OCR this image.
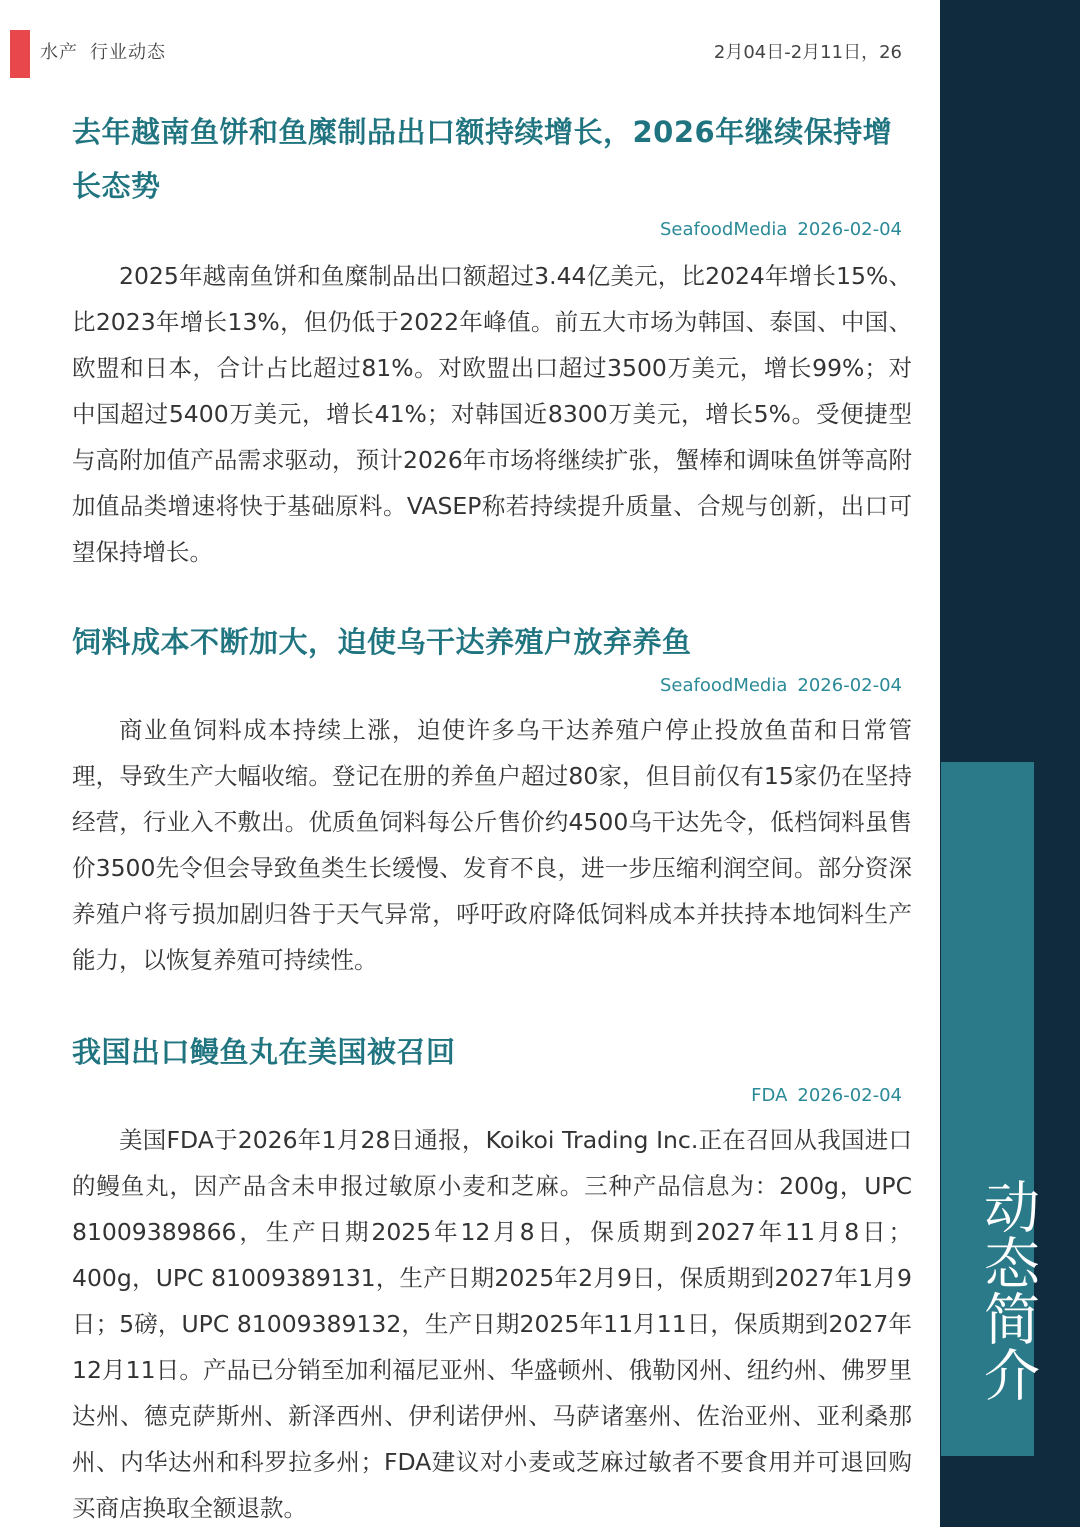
水产 行业动态	2月04日-2月11日，26
动态简介
去年越南鱼饼和鱼糜制品出口额持续增长，2026年继续保持增长态势
SeafoodMedia 2026-02-04

2025年越南鱼饼和鱼糜制品出口额超过3.44亿美元，比2024年增长15%、比2023年增长13%，但仍低于2022年峰值。前五大市场为韩国、泰国、中国、欧盟和日本，合计占比超过81%。对欧盟出口超过3500万美元，增长99%；对中国超过5400万美元，增长41%；对韩国近8300万美元，增长5%。受便捷型与高附加值产品需求驱动，预计2026年市场将继续扩张，蟹棒和调味鱼饼等高附加值品类增速将快于基础原料。VASEP称若持续提升质量、合规与创新，出口可望保持增长。

饲料成本不断加大，迫使乌干达养殖户放弃养鱼
SeafoodMedia 2026-02-04

商业鱼饲料成本持续上涨，迫使许多乌干达养殖户停止投放鱼苗和日常管理，导致生产大幅收缩。登记在册的养鱼户超过80家，但目前仅有15家仍在坚持经营，行业入不敷出。优质鱼饲料每公斤售价约4500乌干达先令，低档饲料虽售价3500先令但会导致鱼类生长缓慢、发育不良，进一步压缩利润空间。部分资深养殖户将亏损加剧归咎于天气异常，呼吁政府降低饲料成本并扶持本地饲料生产能力，以恢复养殖可持续性。

我国出口鳗鱼丸在美国被召回
FDA 2026-02-04

美国FDA于2026年1月28日通报，Koikoi Trading Inc.正在召回从我国进口的鳗鱼丸，因产品含未申报过敏原小麦和芝麻。三种产品信息为：200g，UPC 81009389866，生产日期2025年12月8日，保质期到2027年11月8日；400g，UPC 81009389131，生产日期2025年2月9日，保质期到2027年1月9日；5磅，UPC 81009389132，生产日期2025年11月11日，保质期到2027年12月11日。产品已分销至加利福尼亚州、华盛顿州、俄勒冈州、纽约州、佛罗里达州、德克萨斯州、新泽西州、伊利诺伊州、马萨诸塞州、佐治亚州、亚利桑那州、内华达州和科罗拉多州；FDA建议对小麦或芝麻过敏者不要食用并可退回购买商店换取全额退款。
